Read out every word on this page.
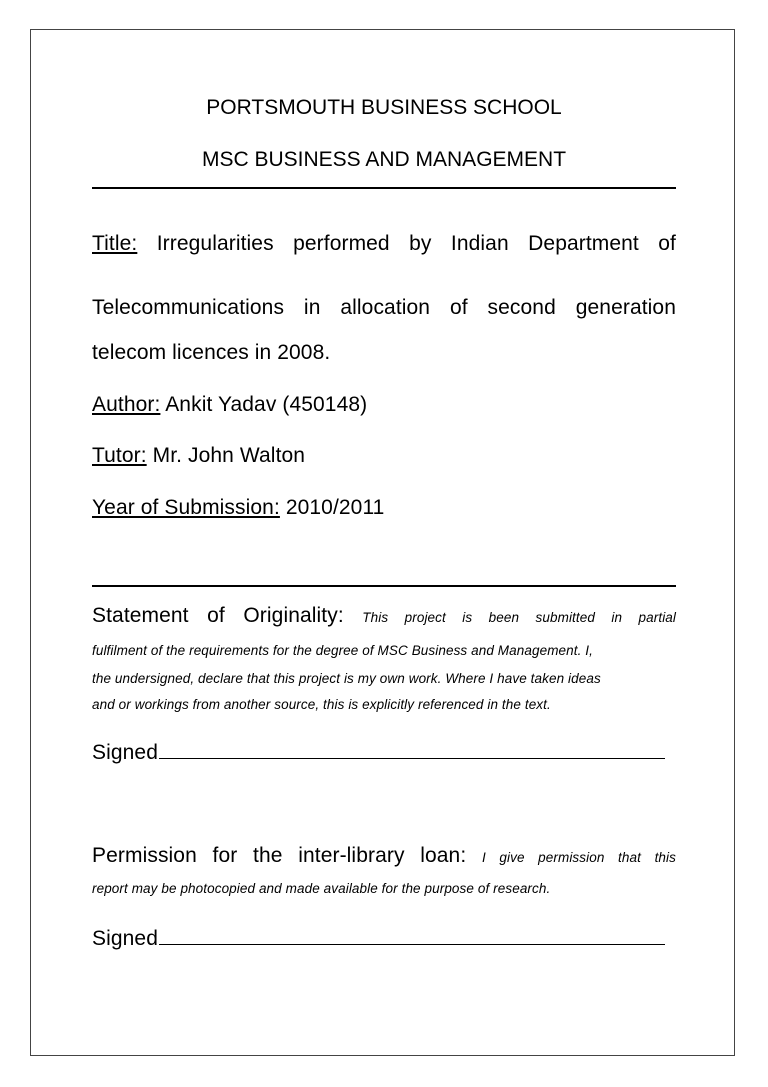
PORTSMOUTH BUSINESS SCHOOL
MSC BUSINESS AND MANAGEMENT
Title: Irregularities performed by Indian Department of
Telecommunications in allocation of second generation
telecom licences in 2008.
Author: Ankit Yadav (450148)
Tutor: Mr. John Walton
Year of Submission: 2010/2011
Statement of Originality: This project is been submitted in partial
fulfilment of the requirements for the degree of MSC Business and Management. I,
the undersigned, declare that this project is my own work. Where I have taken ideas
and or workings from another source, this is explicitly referenced in the text.
Signed
Permission for the inter-library loan: I give permission that this
report may be photocopied and made available for the purpose of research.
Signed
